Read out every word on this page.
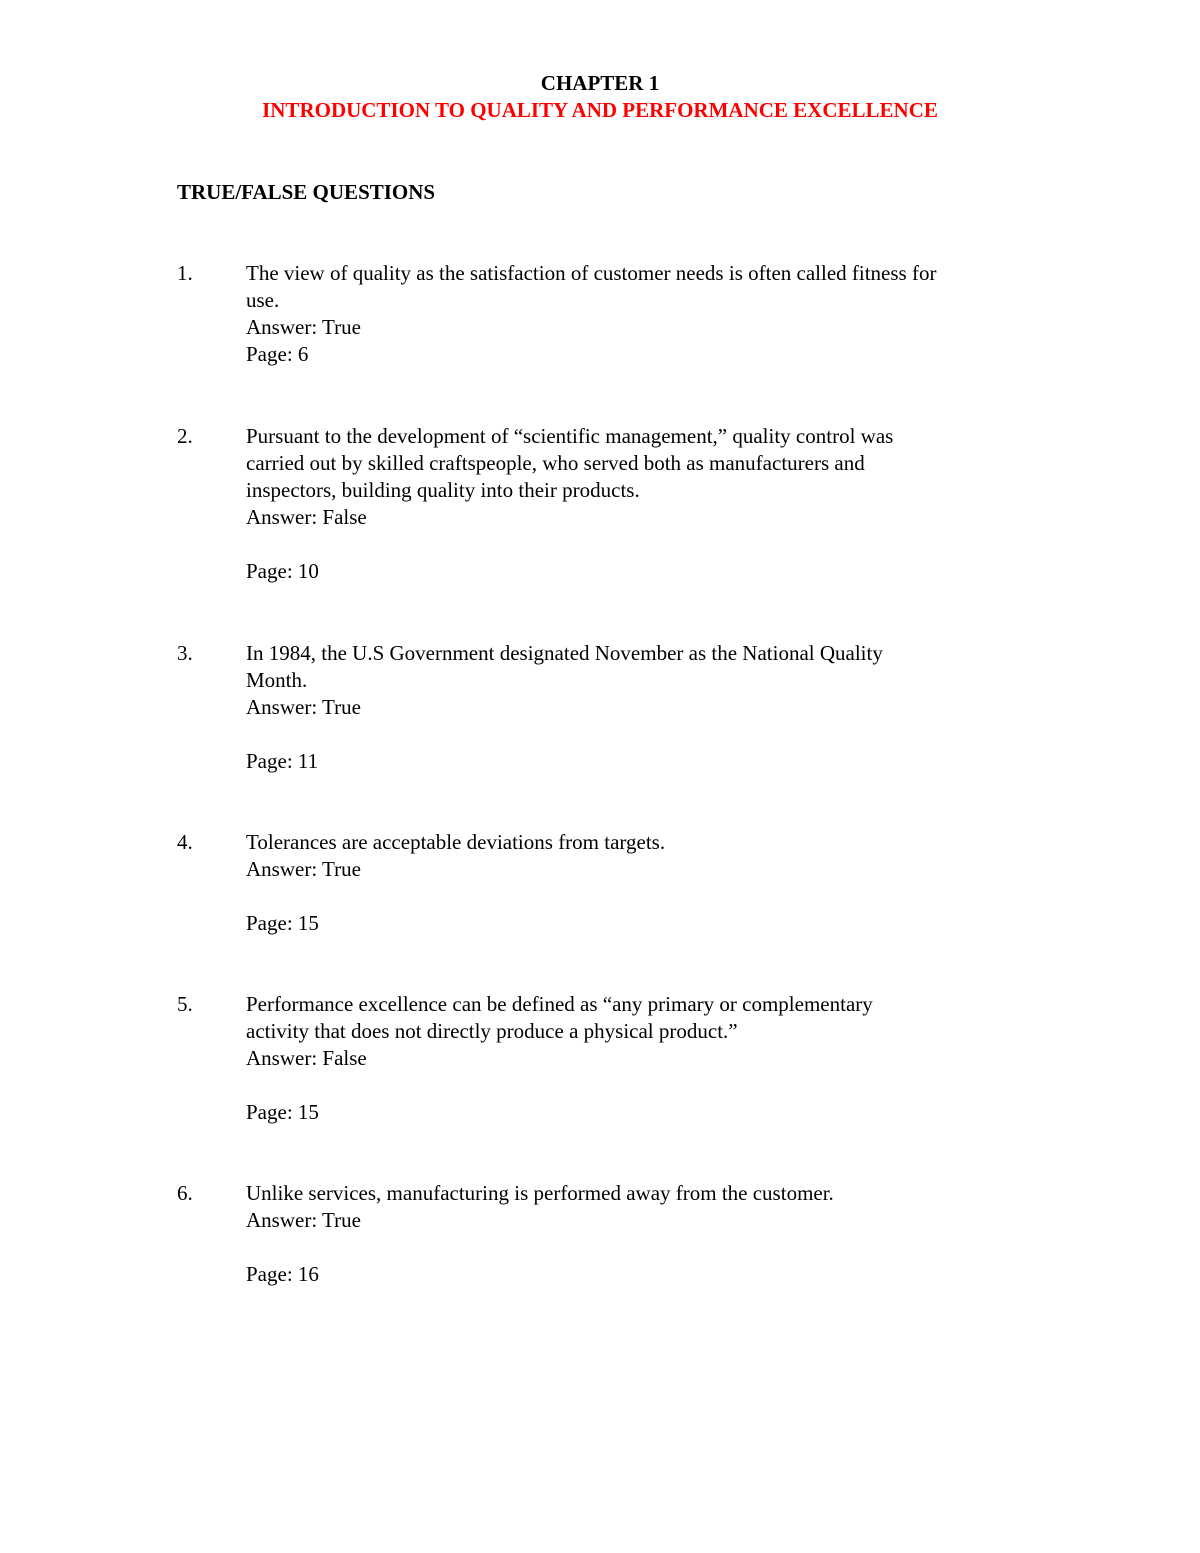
CHAPTER 1
INTRODUCTION TO QUALITY AND PERFORMANCE EXCELLENCE
TRUE/FALSE QUESTIONS
1.	The view of quality as the satisfaction of customer needs is often called fitness for
use.
Answer: True
Page: 6
2.	Pursuant to the development of “scientific management,” quality control was
carried out by skilled craftspeople, who served both as manufacturers and
inspectors, building quality into their products.
Answer: False
Page: 10
3.	In 1984, the U.S Government designated November as the National Quality
Month.
Answer: True
Page: 11
4.	Tolerances are acceptable deviations from targets.
Answer: True
Page: 15
5.	Performance excellence can be defined as “any primary or complementary
activity that does not directly produce a physical product.”
Answer: False
Page: 15
6.	Unlike services, manufacturing is performed away from the customer.
Answer: True
Page: 16
